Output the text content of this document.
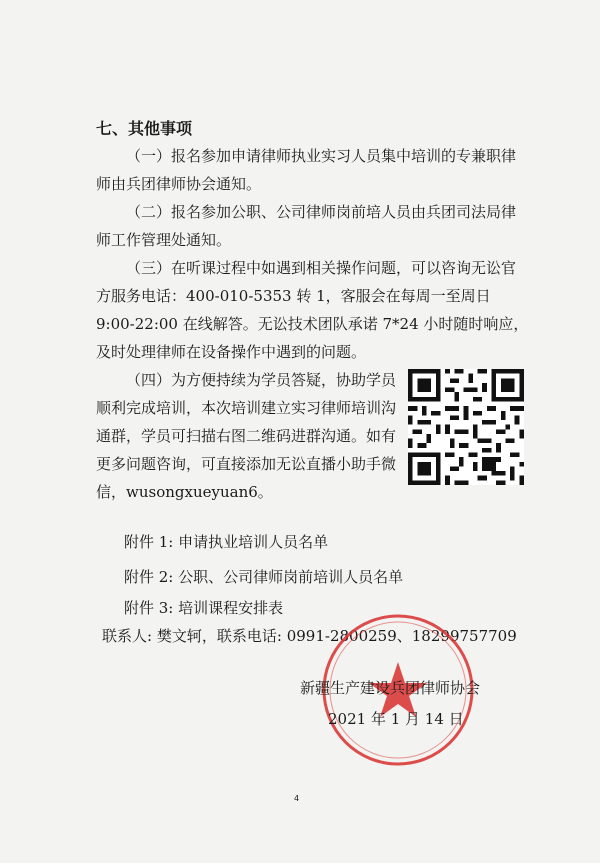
七、其他事项

（一）报名参加申请律师执业实习人员集中培训的专兼职律
师由兵团律师协会通知。

（二）报名参加公职、公司律师岗前培人员由兵团司法局律
师工作管理处通知。

（三）在听课过程中如遇到相关操作问题，可以咨询无讼官
方服务电话：400-010-5353 转 1，客服会在每周一至周日
9:00-22:00 在线解答。无讼技术团队承诺 7*24 小时随时响应，
及时处理律师在设备操作中遇到的问题。

（四）为方便持续为学员答疑，协助学员
顺利完成培训，本次培训建立实习律师培训沟
通群，学员可扫描右图二维码进群沟通。如有
更多问题咨询，可直接添加无讼直播小助手微
信，wusongxueyuan6。

附件 1: 申请执业培训人员名单
附件 2: 公职、公司律师岗前培训人员名单
附件 3: 培训课程安排表
联系人: 樊文轲，联系电话: 0991-2800259、18299757709
新疆生产建设兵团律师协会
2021 年 1 月 14 日
4
